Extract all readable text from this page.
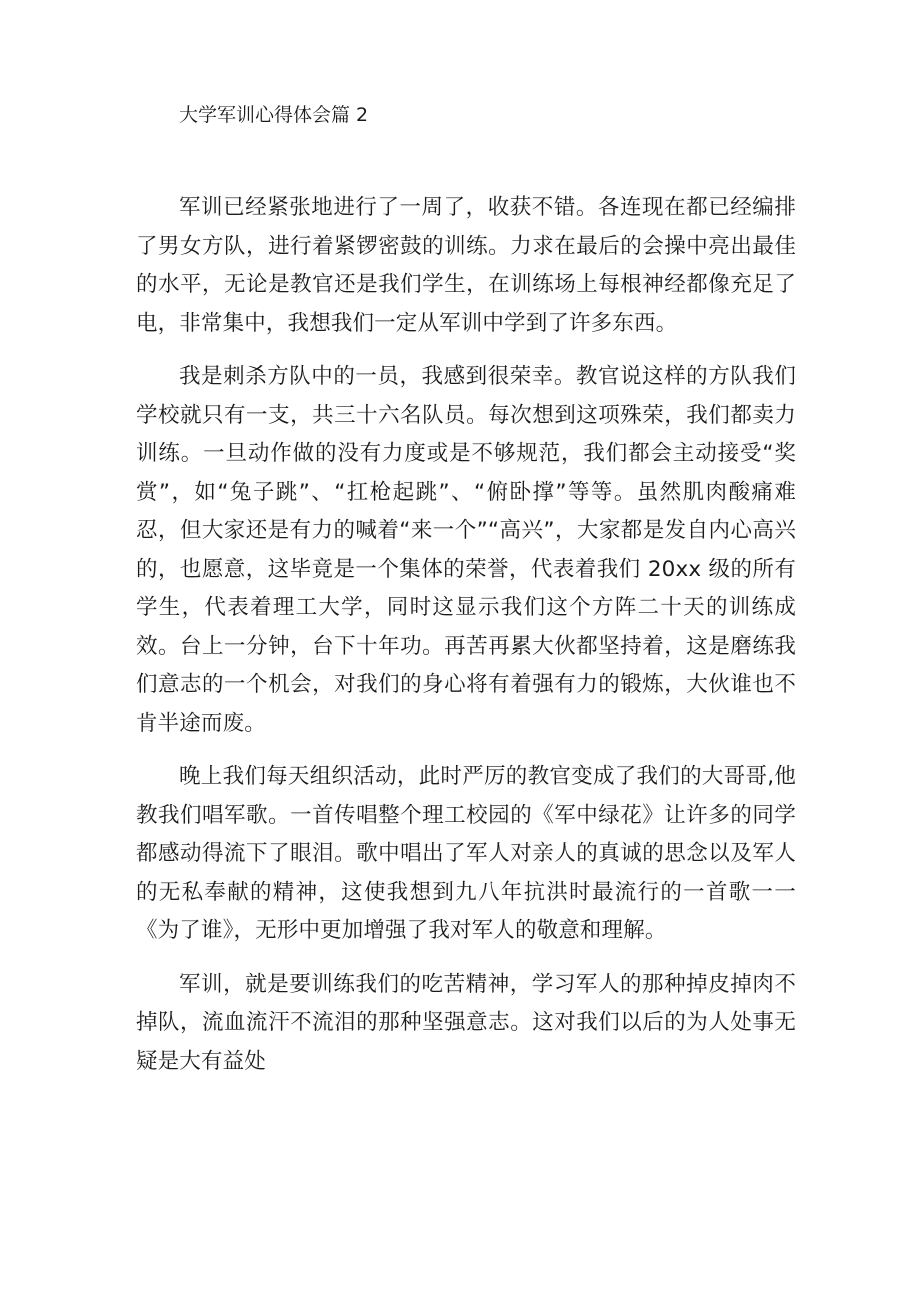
大学军训心得体会篇 2

军训已经紧张地进行了一周了，收获不错。各连现在都已经编排了男女方队，进行着紧锣密鼓的训练。力求在最后的会操中亮出最佳的水平，无论是教官还是我们学生，在训练场上每根神经都像充足了电，非常集中，我想我们一定从军训中学到了许多东西。

我是刺杀方队中的一员，我感到很荣幸。教官说这样的方队我们学校就只有一支，共三十六名队员。每次想到这项殊荣，我们都卖力训练。一旦动作做的没有力度或是不够规范，我们都会主动接受“奖赏”，如“兔子跳”、“扛枪起跳”、“俯卧撑”等等。虽然肌肉酸痛难忍，但大家还是有力的喊着“来一个”“高兴”，大家都是发自内心高兴的，也愿意，这毕竟是一个集体的荣誉，代表着我们 20xx 级的所有学生，代表着理工大学，同时这显示我们这个方阵二十天的训练成效。台上一分钟，台下十年功。再苦再累大伙都坚持着，这是磨练我们意志的一个机会，对我们的身心将有着强有力的锻炼，大伙谁也不肯半途而废。

晚上我们每天组织活动，此时严厉的教官变成了我们的大哥哥,他教我们唱军歌。一首传唱整个理工校园的《军中绿花》让许多的同学都感动得流下了眼泪。歌中唱出了军人对亲人的真诚的思念以及军人的无私奉献的精神，这使我想到九八年抗洪时最流行的一首歌一一《为了谁》，无形中更加增强了我对军人的敬意和理解。

军训，就是要训练我们的吃苦精神，学习军人的那种掉皮掉肉不掉队，流血流汗不流泪的那种坚强意志。这对我们以后的为人处事无疑是大有益处
